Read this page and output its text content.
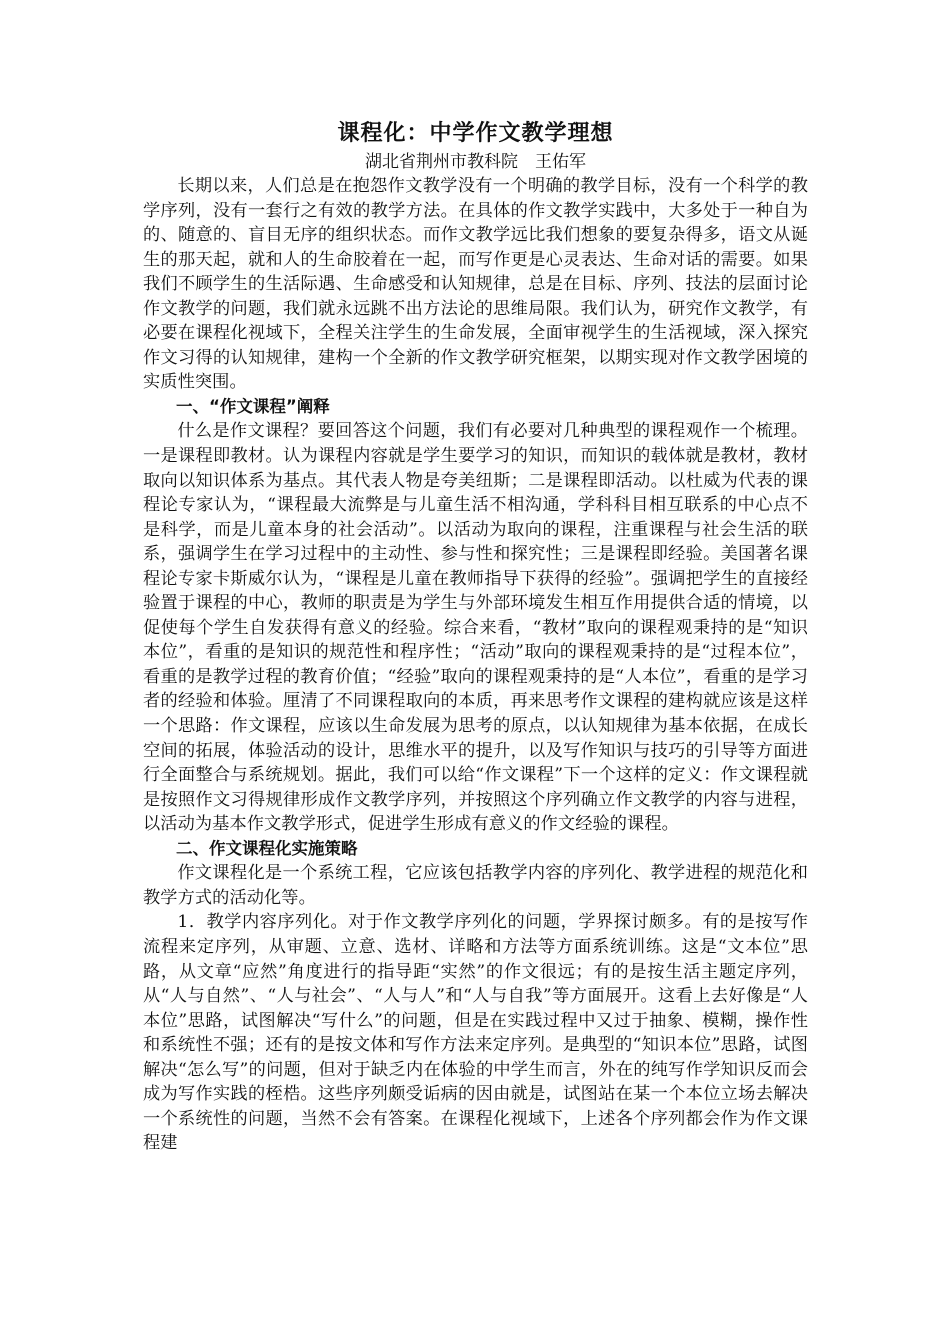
课程化：中学作文教学理想

湖北省荆州市教科院　王佑军

长期以来，人们总是在抱怨作文教学没有一个明确的教学目标，没有一个科学的教学序列，没有一套行之有效的教学方法。在具体的作文教学实践中，大多处于一种自为的、随意的、盲目无序的组织状态。而作文教学远比我们想象的要复杂得多，语文从诞生的那天起，就和人的生命胶着在一起，而写作更是心灵表达、生命对话的需要。如果我们不顾学生的生活际遇、生命感受和认知规律，总是在目标、序列、技法的层面讨论作文教学的问题，我们就永远跳不出方法论的思维局限。我们认为，研究作文教学，有必要在课程化视域下，全程关注学生的生命发展，全面审视学生的生活视域，深入探究作文习得的认知规律，建构一个全新的作文教学研究框架，以期实现对作文教学困境的实质性突围。

一、“作文课程”阐释

什么是作文课程？要回答这个问题，我们有必要对几种典型的课程观作一个梳理。一是课程即教材。认为课程内容就是学生要学习的知识，而知识的载体就是教材，教材取向以知识体系为基点。其代表人物是夸美纽斯；二是课程即活动。以杜威为代表的课程论专家认为，“课程最大流弊是与儿童生活不相沟通，学科科目相互联系的中心点不是科学，而是儿童本身的社会活动”。以活动为取向的课程，注重课程与社会生活的联系，强调学生在学习过程中的主动性、参与性和探究性；三是课程即经验。美国著名课程论专家卡斯威尔认为，“课程是儿童在教师指导下获得的经验”。强调把学生的直接经验置于课程的中心，教师的职责是为学生与外部环境发生相互作用提供合适的情境，以促使每个学生自发获得有意义的经验。综合来看，“教材”取向的课程观秉持的是“知识本位”，看重的是知识的规范性和程序性；“活动”取向的课程观秉持的是“过程本位”，看重的是教学过程的教育价值；“经验”取向的课程观秉持的是“人本位”，看重的是学习者的经验和体验。厘清了不同课程取向的本质，再来思考作文课程的建构就应该是这样一个思路：作文课程，应该以生命发展为思考的原点，以认知规律为基本依据，在成长空间的拓展，体验活动的设计，思维水平的提升，以及写作知识与技巧的引导等方面进行全面整合与系统规划。据此，我们可以给“作文课程”下一个这样的定义：作文课程就是按照作文习得规律形成作文教学序列，并按照这个序列确立作文教学的内容与进程，以活动为基本作文教学形式，促进学生形成有意义的作文经验的课程。

二、作文课程化实施策略

作文课程化是一个系统工程，它应该包括教学内容的序列化、教学进程的规范化和教学方式的活动化等。

1．教学内容序列化。对于作文教学序列化的问题，学界探讨颇多。有的是按写作流程来定序列，从审题、立意、选材、详略和方法等方面系统训练。这是“文本位”思路，从文章“应然”角度进行的指导距“实然”的作文很远；有的是按生活主题定序列，从“人与自然”、“人与社会”、“人与人”和“人与自我”等方面展开。这看上去好像是“人本位”思路，试图解决“写什么”的问题，但是在实践过程中又过于抽象、模糊，操作性和系统性不强；还有的是按文体和写作方法来定序列。是典型的“知识本位”思路，试图解决“怎么写”的问题，但对于缺乏内在体验的中学生而言，外在的纯写作学知识反而会成为写作实践的桎梏。这些序列颇受诟病的因由就是，试图站在某一个本位立场去解决一个系统性的问题，当然不会有答案。在课程化视域下，上述各个序列都会作为作文课程建
